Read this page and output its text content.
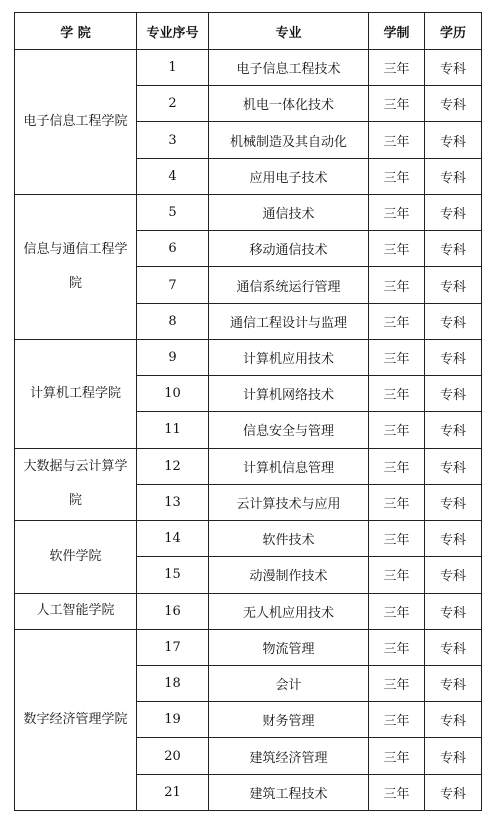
学 院	专业序号	专业	学制	学历
电子信息工程学院	1	电子信息工程技术	三年	专科
	2	机电一体化技术	三年	专科
	3	机械制造及其自动化	三年	专科
	4	应用电子技术	三年	专科
信息与通信工程学院	5	通信技术	三年	专科
	6	移动通信技术	三年	专科
	7	通信系统运行管理	三年	专科
	8	通信工程设计与监理	三年	专科
计算机工程学院	9	计算机应用技术	三年	专科
	10	计算机网络技术	三年	专科
	11	信息安全与管理	三年	专科
大数据与云计算学院	12	计算机信息管理	三年	专科
	13	云计算技术与应用	三年	专科
软件学院	14	软件技术	三年	专科
	15	动漫制作技术	三年	专科
人工智能学院	16	无人机应用技术	三年	专科
数字经济管理学院	17	物流管理	三年	专科
	18	会计	三年	专科
	19	财务管理	三年	专科
	20	建筑经济管理	三年	专科
	21	建筑工程技术	三年	专科
